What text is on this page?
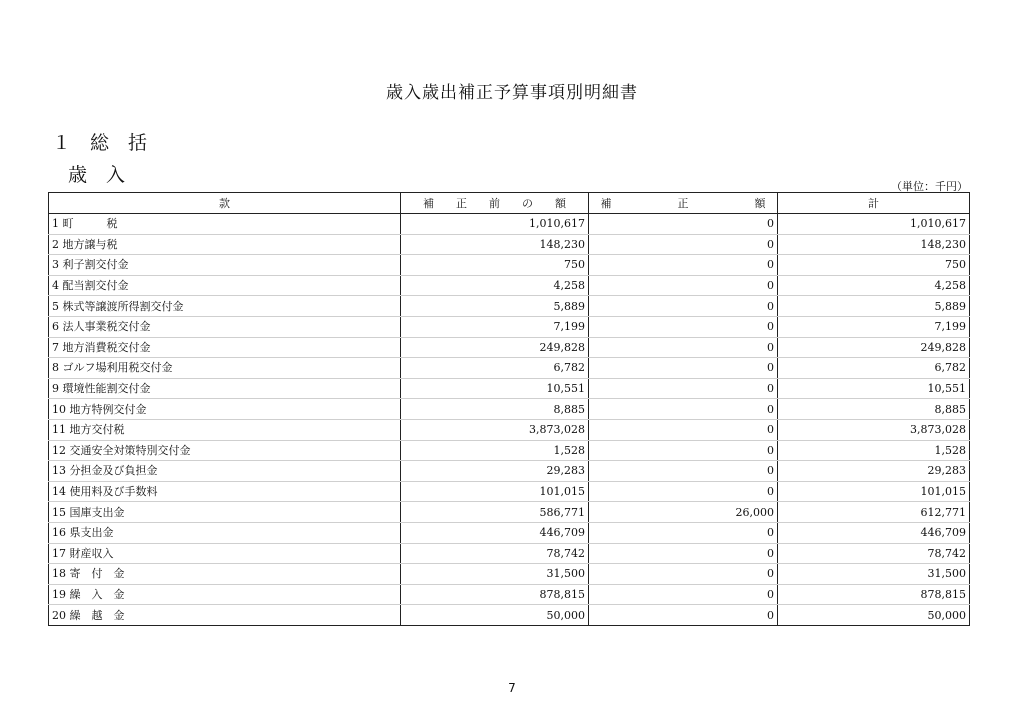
歳入歳出補正予算事項別明細書
１　総　括
歳　入
（単位：千円）
款	補　　正　　前　　の　　額	補　　　　　　正　　　　　　額	計
1 町　　　税	1,010,617	0	1,010,617
2 地方譲与税	148,230	0	148,230
3 利子割交付金	750	0	750
4 配当割交付金	4,258	0	4,258
5 株式等譲渡所得割交付金	5,889	0	5,889
6 法人事業税交付金	7,199	0	7,199
7 地方消費税交付金	249,828	0	249,828
8 ゴルフ場利用税交付金	6,782	0	6,782
9 環境性能割交付金	10,551	0	10,551
10 地方特例交付金	8,885	0	8,885
11 地方交付税	3,873,028	0	3,873,028
12 交通安全対策特別交付金	1,528	0	1,528
13 分担金及び負担金	29,283	0	29,283
14 使用料及び手数料	101,015	0	101,015
15 国庫支出金	586,771	26,000	612,771
16 県支出金	446,709	0	446,709
17 財産収入	78,742	0	78,742
18 寄　付　金	31,500	0	31,500
19 繰　入　金	878,815	0	878,815
20 繰　越　金	50,000	0	50,000
7
